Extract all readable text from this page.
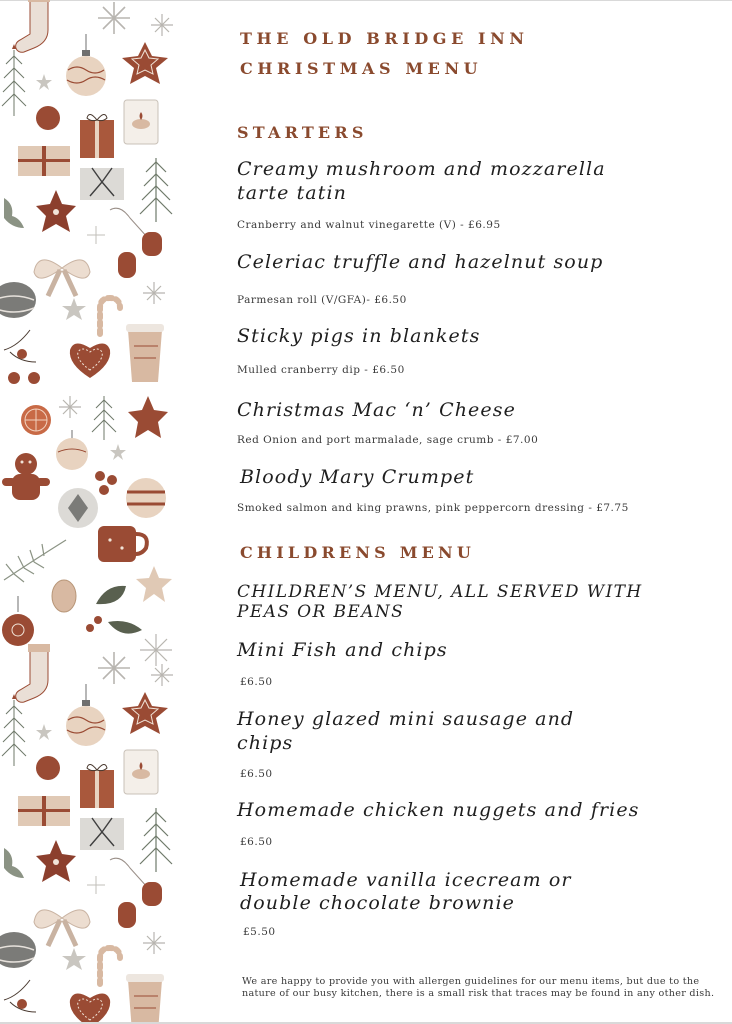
THE OLD BRIDGE INN

CHRISTMAS MENU

STARTERS

Creamy mushroom and mozzarella

tarte tatin

Cranberry and walnut vinegarette (V) - £6.95

Celeriac truffle and hazelnut soup

Parmesan roll (V/GFA)- £6.50

Sticky pigs in blankets

Mulled cranberry dip - £6.50

Christmas Mac ‘n’ Cheese

Red Onion and port marmalade, sage crumb - £7.00

Bloody Mary Crumpet

Smoked salmon and king prawns, pink peppercorn dressing - £7.75

CHILDRENS MENU

CHILDREN’S MENU, ALL SERVED WITH

PEAS OR BEANS

Mini Fish and chips

£6.50

Honey glazed mini sausage and

chips

£6.50

Homemade chicken nuggets and fries

£6.50

Homemade vanilla icecream or

double chocolate brownie

£5.50

We are happy to provide you with allergen guidelines for our menu items, but due to the nature of our busy kitchen, there is a small risk that traces may be found in any other dish.
